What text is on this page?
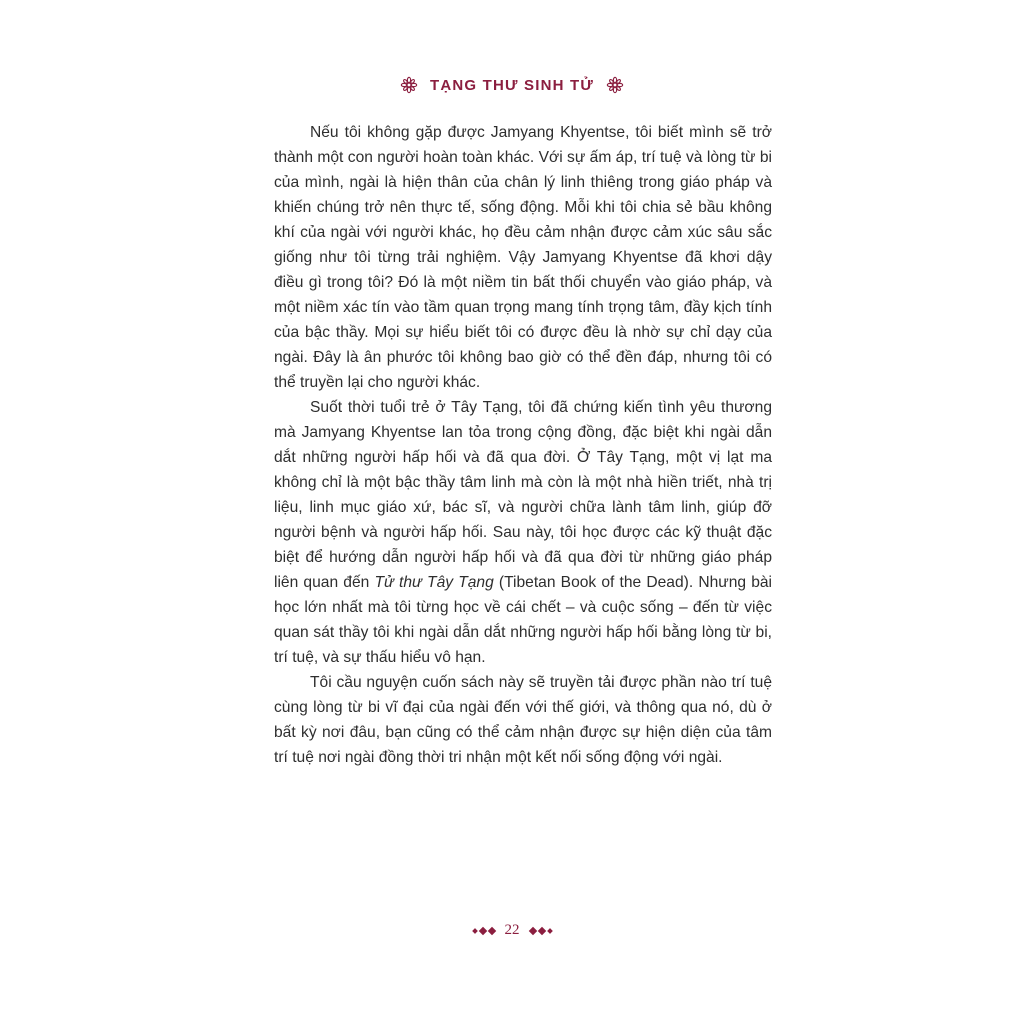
TẠNG THƯ SINH TỬ

Nếu tôi không gặp được Jamyang Khyentse, tôi biết mình sẽ trở thành một con người hoàn toàn khác. Với sự ấm áp, trí tuệ và lòng từ bi của mình, ngài là hiện thân của chân lý linh thiêng trong giáo pháp và khiến chúng trở nên thực tế, sống động. Mỗi khi tôi chia sẻ bầu không khí của ngài với người khác, họ đều cảm nhận được cảm xúc sâu sắc giống như tôi từng trải nghiệm. Vậy Jamyang Khyentse đã khơi dậy điều gì trong tôi? Đó là một niềm tin bất thối chuyển vào giáo pháp, và một niềm xác tín vào tầm quan trọng mang tính trọng tâm, đầy kịch tính của bậc thầy. Mọi sự hiểu biết tôi có được đều là nhờ sự chỉ dạy của ngài. Đây là ân phước tôi không bao giờ có thể đền đáp, nhưng tôi có thể truyền lại cho người khác.

Suốt thời tuổi trẻ ở Tây Tạng, tôi đã chứng kiến tình yêu thương mà Jamyang Khyentse lan tỏa trong cộng đồng, đặc biệt khi ngài dẫn dắt những người hấp hối và đã qua đời. Ở Tây Tạng, một vị lạt ma không chỉ là một bậc thầy tâm linh mà còn là một nhà hiền triết, nhà trị liệu, linh mục giáo xứ, bác sĩ, và người chữa lành tâm linh, giúp đỡ người bệnh và người hấp hối. Sau này, tôi học được các kỹ thuật đặc biệt để hướng dẫn người hấp hối và đã qua đời từ những giáo pháp liên quan đến Tử thư Tây Tạng (Tibetan Book of the Dead). Nhưng bài học lớn nhất mà tôi từng học về cái chết – và cuộc sống – đến từ việc quan sát thầy tôi khi ngài dẫn dắt những người hấp hối bằng lòng từ bi, trí tuệ, và sự thấu hiểu vô hạn.

Tôi cầu nguyện cuốn sách này sẽ truyền tải được phần nào trí tuệ cùng lòng từ bi vĩ đại của ngài đến với thế giới, và thông qua nó, dù ở bất kỳ nơi đâu, bạn cũng có thể cảm nhận được sự hiện diện của tâm trí tuệ nơi ngài đồng thời tri nhận một kết nối sống động với ngài.

22
